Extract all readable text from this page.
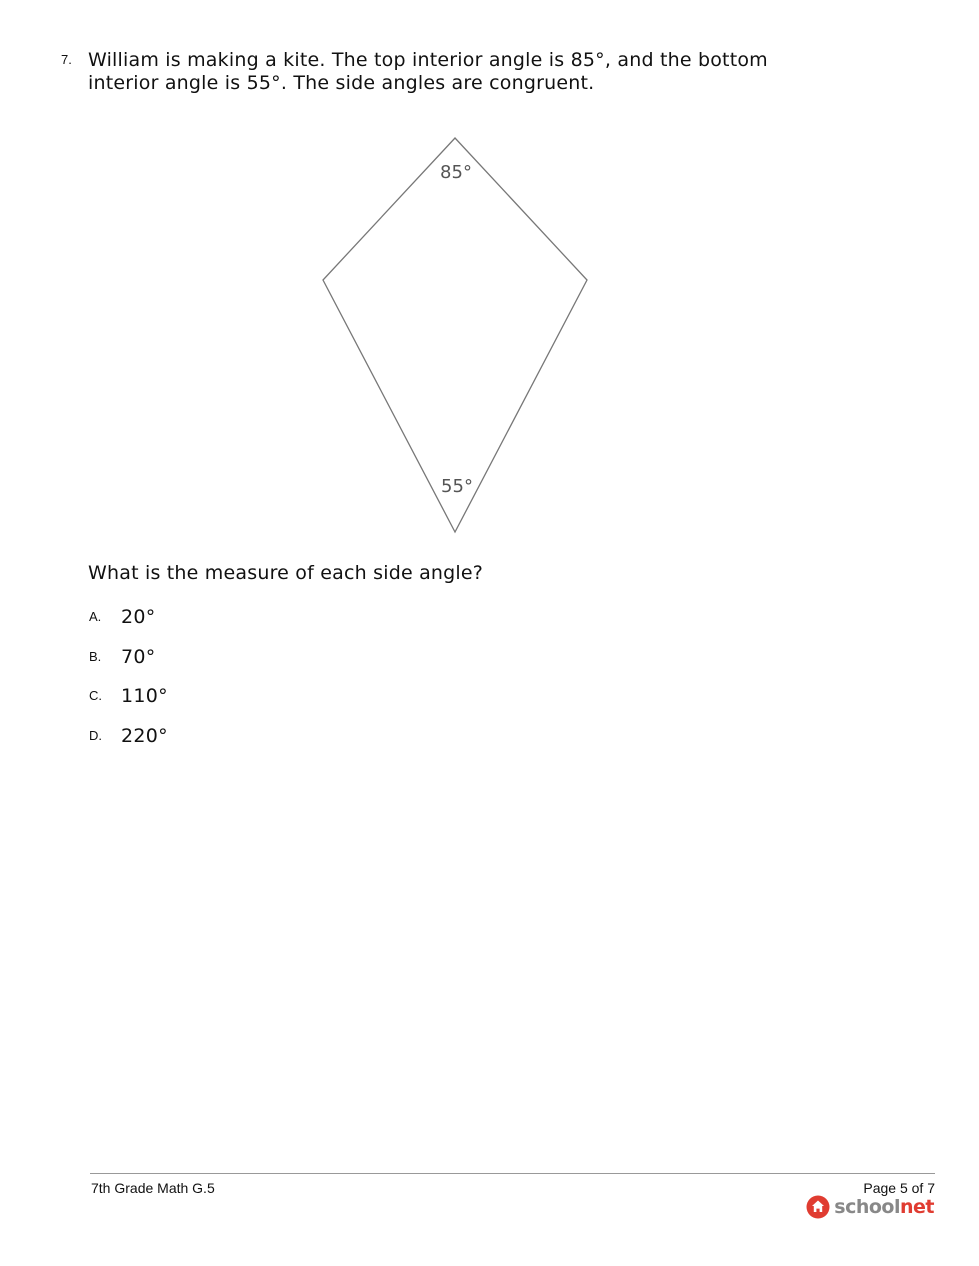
7. William is making a kite. The top interior angle is 85°, and the bottom interior angle is 55°. The side angles are congruent.

85°
55°

What is the measure of each side angle?

A.	20°
B.	70°
C.	110°
D.	220°
7th Grade Math G.5	Page 5 of 7
schoolnet
